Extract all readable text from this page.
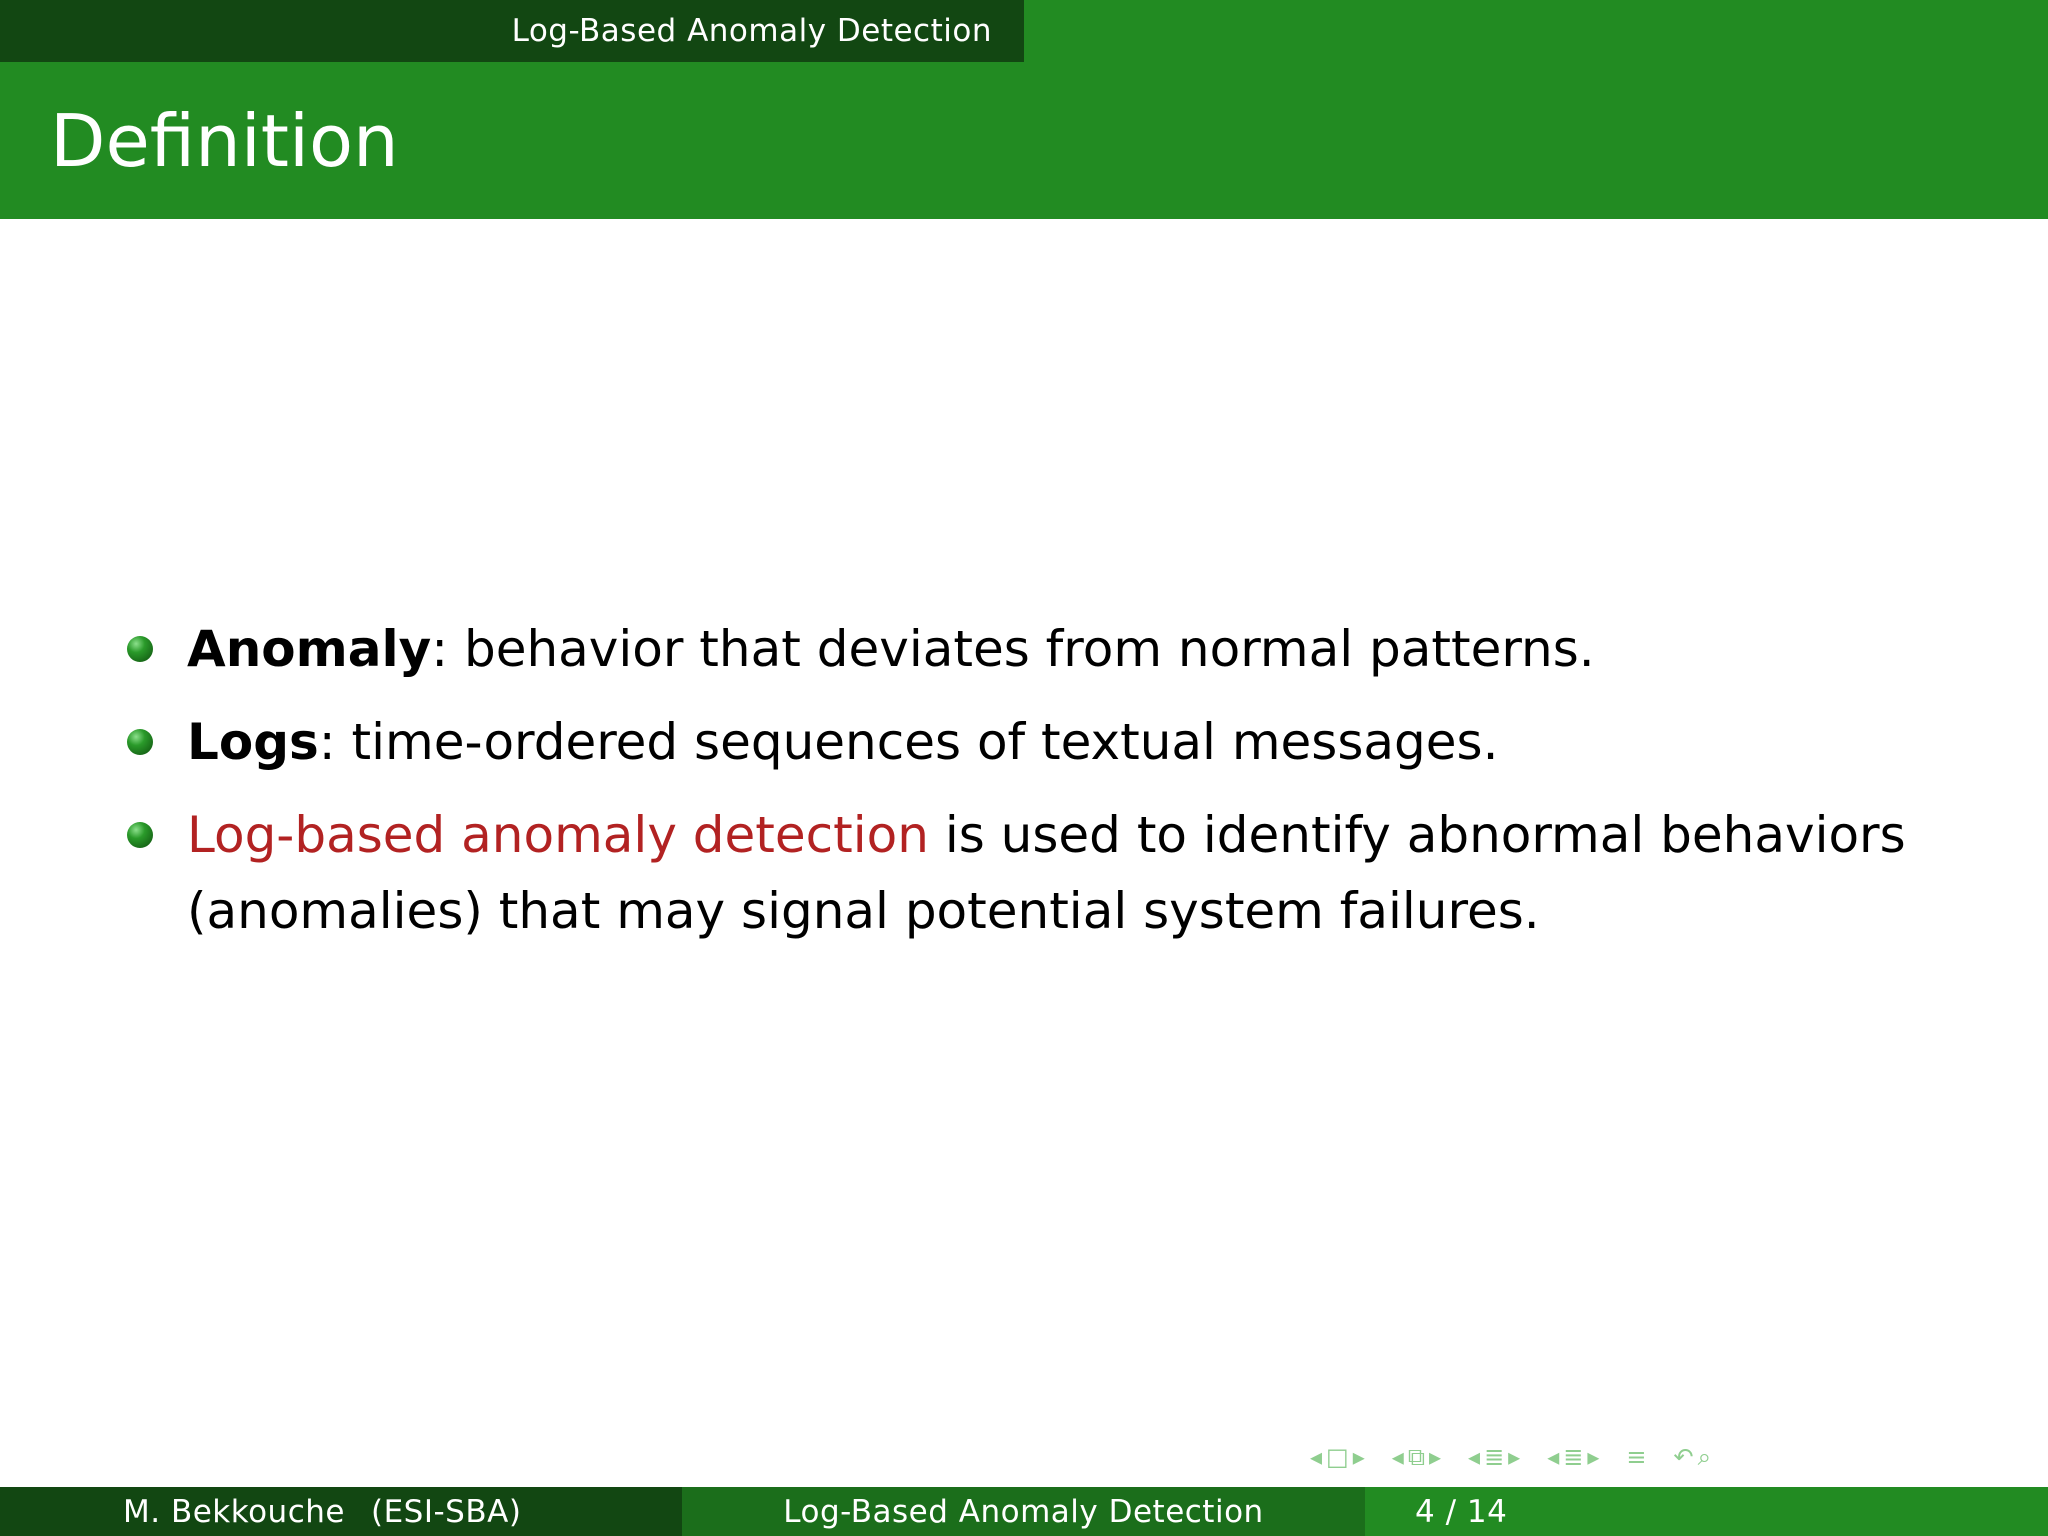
Log-Based Anomaly Detection
Definition
Anomaly: behavior that deviates from normal patterns.
Logs: time-ordered sequences of textual messages.
Log-based anomaly detection is used to identify abnormal behaviors (anomalies) that may signal potential system failures.
◂ □ ▸ ◂ ⧉ ▸ ◂ ≣ ▸ ◂ ≣ ▸ ≡ ↶ ⌕
M. Bekkouche (ESI-SBA)	Log-Based Anomaly Detection	4 / 14
